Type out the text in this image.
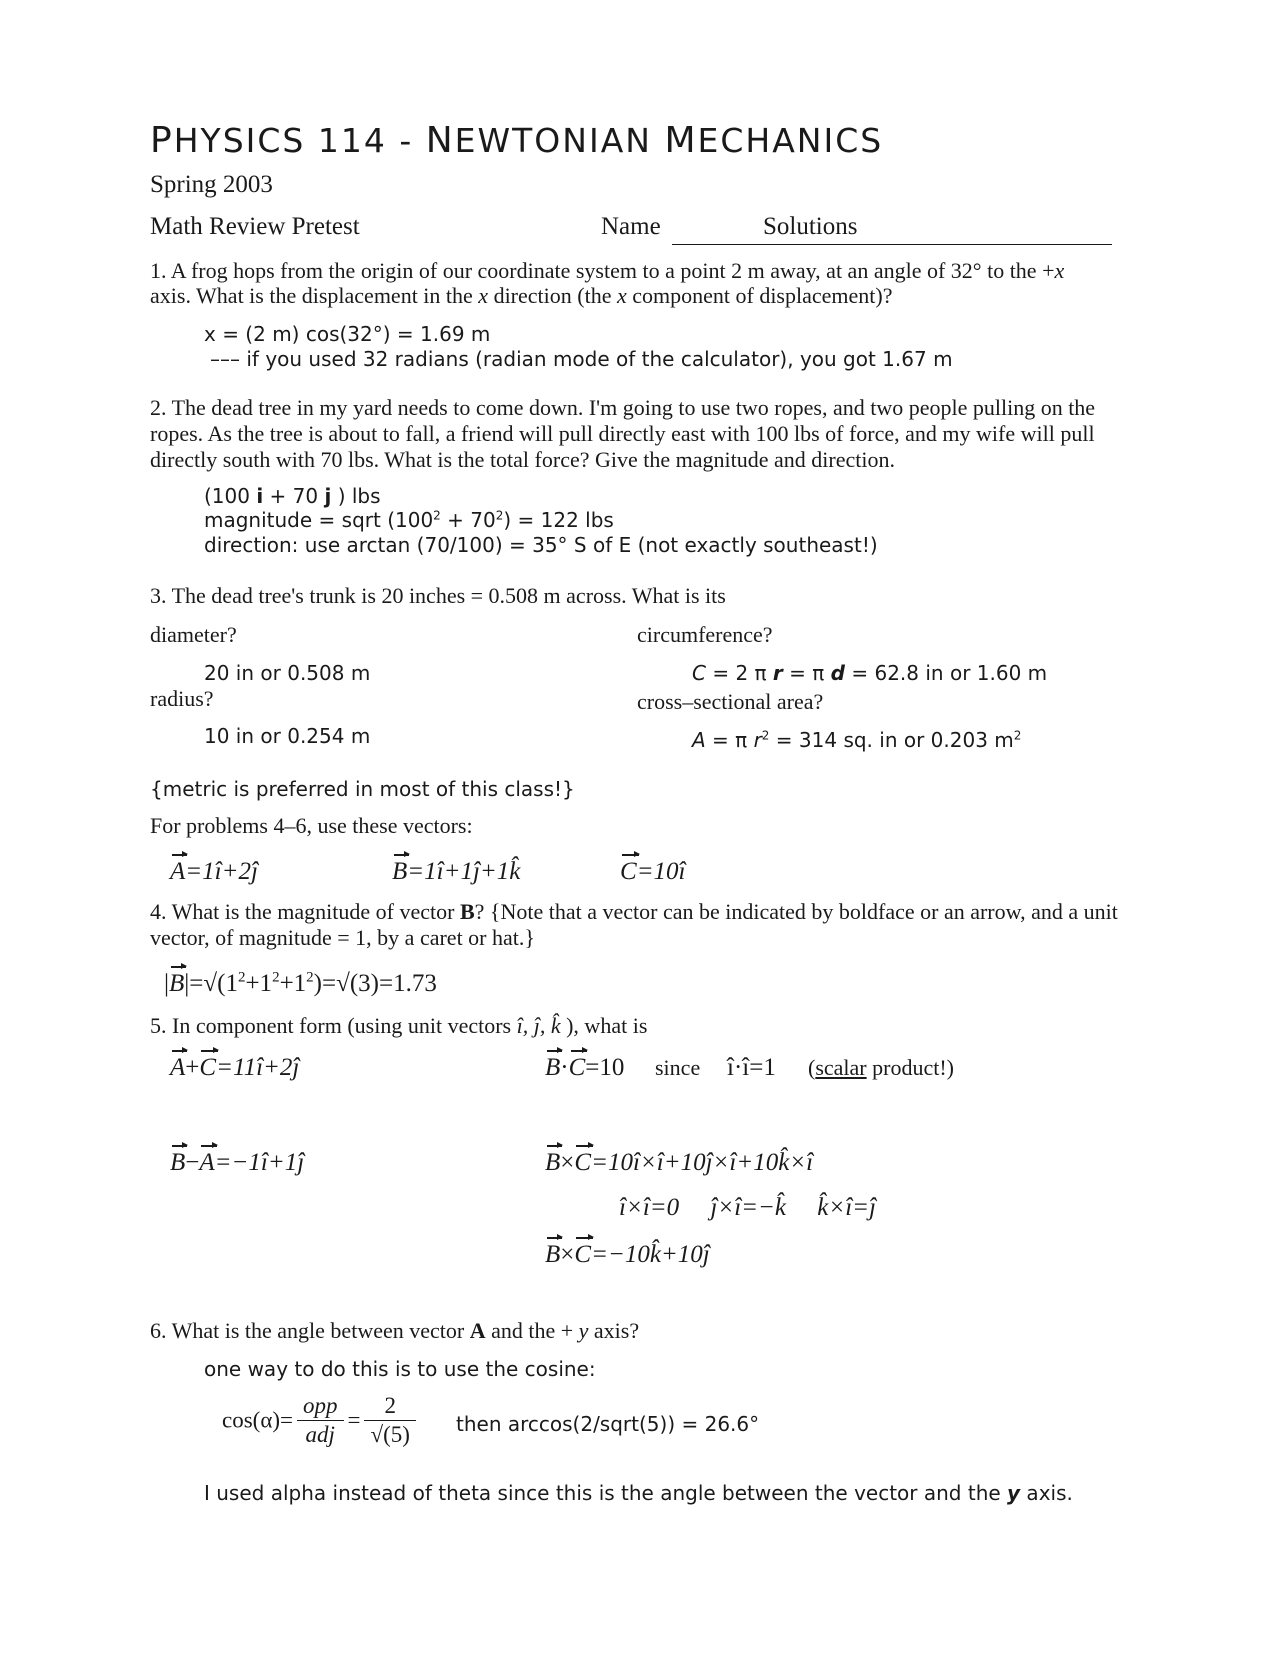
PHYSICS 114 - NEWTONIAN MECHANICS
Spring 2003
Math Review Pretest	Name	Solutions
1. A frog hops from the origin of our coordinate system to a point 2 m away, at an angle of 32° to the +x
axis. What is the displacement in the x direction (the x component of displacement)?
x = (2 m) cos(32°) = 1.69 m
––– if you used 32 radians (radian mode of the calculator), you got 1.67 m
2. The dead tree in my yard needs to come down. I'm going to use two ropes, and two people pulling on the ropes. As the tree is about to fall, a friend will pull directly east with 100 lbs of force, and my wife will pull directly south with 70 lbs. What is the total force? Give the magnitude and direction.
(100 i + 70 j ) lbs
magnitude = sqrt $(100^2 + 70^2) = 122$ lbs
direction: use arctan (70/100) = 35° S of E (not exactly southeast!)
3. The dead tree's trunk is 20 inches = 0.508 m across. What is its
diameter?	circumference?
20 in or 0.508 m	C = 2 π r = π d = 62.8 in or 1.60 m
radius?	cross–sectional area?
10 in or 0.254 m	A = π $r^2 = 314$ sq. in or 0.203 $m^2$
{metric is preferred in most of this class!}
For problems 4–6, use these vectors:
A=1î+2ĵ	B=1î+1ĵ+1k̂	C=10î
4. What is the magnitude of vector B? {Note that a vector can be indicated by boldface or an arrow, and a unit vector, of magnitude = 1, by a caret or hat.}
$|B|=√(1^2+1^2+1^2)=√(3)=1.73$
5. In component form (using unit vectors î, ĵ, k̂ ), what is
A+C=11î+2ĵ	B·C=10 since î·î=1 (scalar product!)
B−A=−1î+1ĵ	B×C=10î×î+10ĵ×î+10k̂×î
î×î=0     ĵ×î=−k̂     k̂×î=ĵ
B×C=−10k̂+10ĵ
6. What is the angle between vector A and the + y axis?
one way to do this is to use the cosine:
$\cos(\alpha)= \frac{\text{opp}}{\text{adj}} = \frac{2}{√(5)}$ then arccos(2/sqrt(5)) = 26.6°
I used alpha instead of theta since this is the angle between the vector and the y axis.
